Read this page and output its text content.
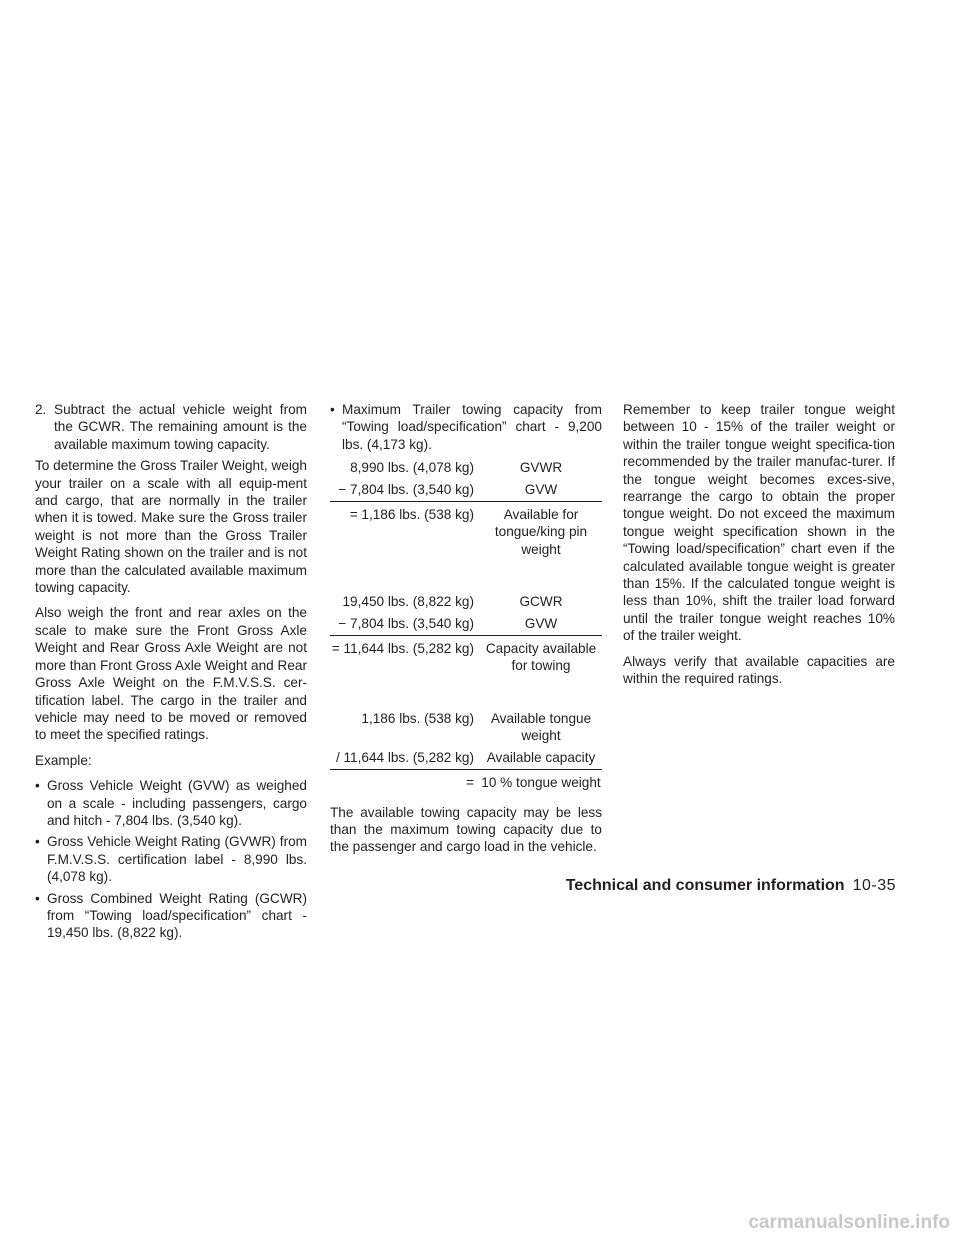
2. Subtract the actual vehicle weight from the GCWR. The remaining amount is the available maximum towing capacity.

To determine the Gross Trailer Weight, weigh your trailer on a scale with all equip-ment and cargo, that are normally in the trailer when it is towed. Make sure the Gross trailer weight is not more than the Gross Trailer Weight Rating shown on the trailer and is not more than the calculated available maximum towing capacity.

Also weigh the front and rear axles on the scale to make sure the Front Gross Axle Weight and Rear Gross Axle Weight are not more than Front Gross Axle Weight and Rear Gross Axle Weight on the F.M.V.S.S. cer-tification label. The cargo in the trailer and vehicle may need to be moved or removed to meet the specified ratings.

Example:

• Gross Vehicle Weight (GVW) as weighed on a scale - including passengers, cargo and hitch - 7,804 lbs. (3,540 kg).
• Gross Vehicle Weight Rating (GVWR) from F.M.V.S.S. certification label - 8,990 lbs. (4,078 kg).
• Gross Combined Weight Rating (GCWR) from “Towing load/specification” chart - 19,450 lbs. (8,822 kg).
• Maximum Trailer towing capacity from “Towing load/specification” chart - 9,200 lbs. (4,173 kg).
8,990 lbs. (4,078 kg)	GVWR
− 7,804 lbs. (3,540 kg)	GVW
= 1,186 lbs. (538 kg)	Available for tongue/king pin weight
19,450 lbs. (8,822 kg)	GCWR
− 7,804 lbs. (3,540 kg)	GVW
= 11,644 lbs. (5,282 kg) Capacity available for towing
1,186 lbs. (538 kg)	Available tongue weight
/ 11,644 lbs. (5,282 kg) Available capacity
= 10 % tongue weight

The available towing capacity may be less than the maximum towing capacity due to the passenger and cargo load in the vehicle.

Remember to keep trailer tongue weight between 10 - 15% of the trailer weight or within the trailer tongue weight specifica-tion recommended by the trailer manufac-turer. If the tongue weight becomes exces-sive, rearrange the cargo to obtain the proper tongue weight. Do not exceed the maximum tongue weight specification shown in the “Towing load/specification” chart even if the calculated available tongue weight is greater than 15%. If the calculated tongue weight is less than 10%, shift the trailer load forward until the trailer tongue weight reaches 10% of the trailer weight.

Always verify that available capacities are within the required ratings.

Technical and consumer information 10-35
carmanualsonline.info
